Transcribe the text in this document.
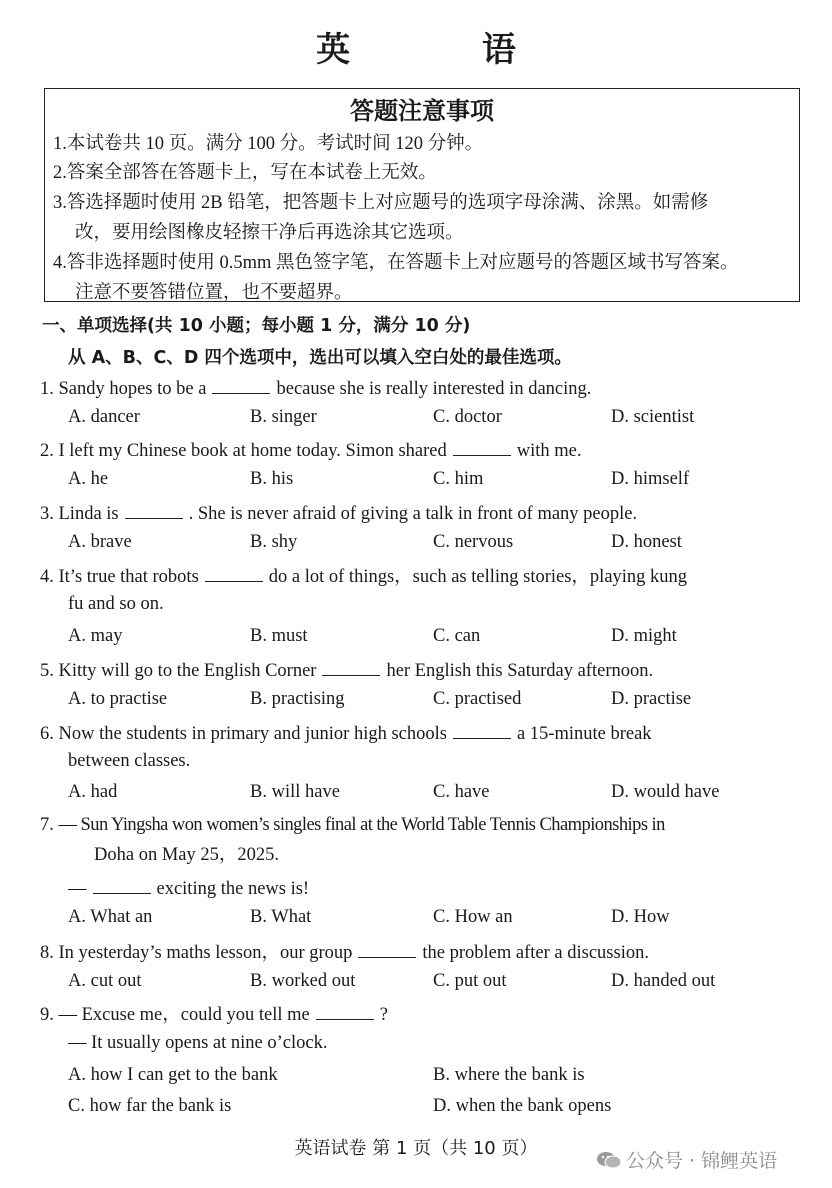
英 语
答题注意事项
1.本试卷共 10 页。满分 100 分。考试时间 120 分钟。
2.答案全部答在答题卡上，写在本试卷上无效。
3.答选择题时使用 2B 铅笔，把答题卡上对应题号的选项字母涂满、涂黑。如需修
改，要用绘图橡皮轻擦干净后再选涂其它选项。
4.答非选择题时使用 0.5mm 黑色签字笔，在答题卡上对应题号的答题区域书写答案。
注意不要答错位置，也不要超界。
一、单项选择(共 10 小题；每小题 1 分，满分 10 分)
从 A、B、C、D 四个选项中，选出可以填入空白处的最佳选项。
1. Sandy hopes to be a	because she is really interested in dancing.
A. dancer	B. singer	C. doctor	D. scientist
2. I left my Chinese book at home today. Simon shared	with me.
A. he	B. his	C. him	D. himself
3. Linda is	. She is never afraid of giving a talk in front of many people.
A. brave	B. shy	C. nervous	D. honest
4. It’s true that robots	do a lot of things，such as telling stories，playing kung
fu and so on.
A. may	B. must	C. can	D. might
5. Kitty will go to the English Corner	her English this Saturday afternoon.
A. to practise	B. practising	C. practised	D. practise
6. Now the students in primary and junior high schools	a 15-minute break
between classes.
A. had	B. will have	C. have	D. would have
7. — Sun Yingsha won women’s singles final at the World Table Tennis Championships in
Doha on May 25，2025.
—	exciting the news is!
A. What an	B. What	C. How an	D. How
8. In yesterday’s maths lesson，our group	the problem after a discussion.
A. cut out	B. worked out	C. put out	D. handed out
9. — Excuse me，could you tell me	?
— It usually opens at nine o’clock.
A. how I can get to the bank	B. where the bank is
C. how far the bank is	D. when the bank opens
英语试卷 第 1 页（共 10 页）
公众号 · 锦鲤英语
